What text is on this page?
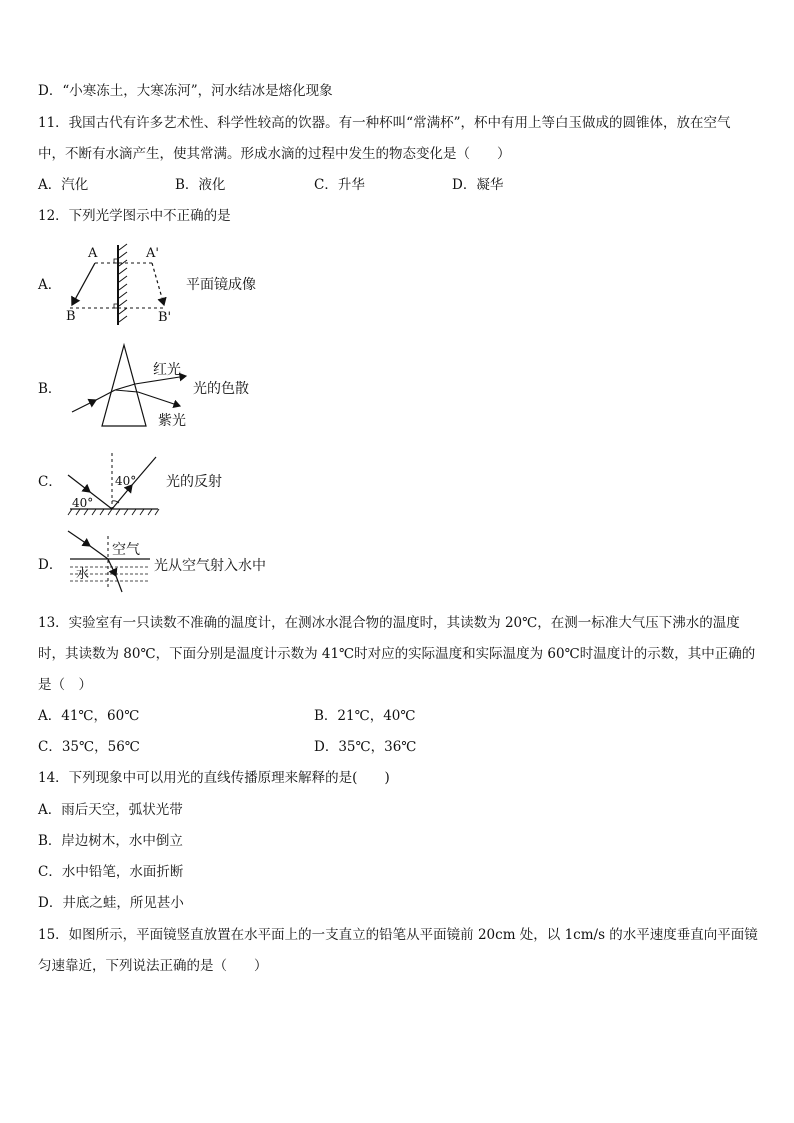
D．“小寒冻土，大寒冻河”，河水结冰是熔化现象
11．我国古代有许多艺术性、科学性较高的饮器。有一种杯叫“常满杯”，杯中有用上等白玉做成的圆锥体，放在空气
中，不断有水滴产生，使其常满。形成水滴的过程中发生的物态变化是（　　）
A．汽化	B．液化	C．升华	D．凝华
12．下列光学图示中不正确的是
A．
A	A'
B	B'
平面镜成像
B．
红光
紫光
光的色散
C．	40°
40°
光的反射
D．
空气
水
光从空气射入水中
13．实验室有一只读数不准确的温度计，在测冰水混合物的温度时，其读数为 20℃，在测一标准大气压下沸水的温度
时，其读数为 80℃，下面分别是温度计示数为 41℃时对应的实际温度和实际温度为 60℃时温度计的示数，其中正确的
是（　）
A．41℃，60℃	B．21℃，40℃
C．35℃，56℃	D．35℃，36℃
14．下列现象中可以用光的直线传播原理来解释的是(　　)
A．雨后天空，弧状光带
B．岸边树木，水中倒立
C．水中铅笔，水面折断
D．井底之蛙，所见甚小
15．如图所示，平面镜竖直放置在水平面上的一支直立的铅笔从平面镜前 20cm 处，以 1cm/s 的水平速度垂直向平面镜
匀速靠近，下列说法正确的是（　　）
